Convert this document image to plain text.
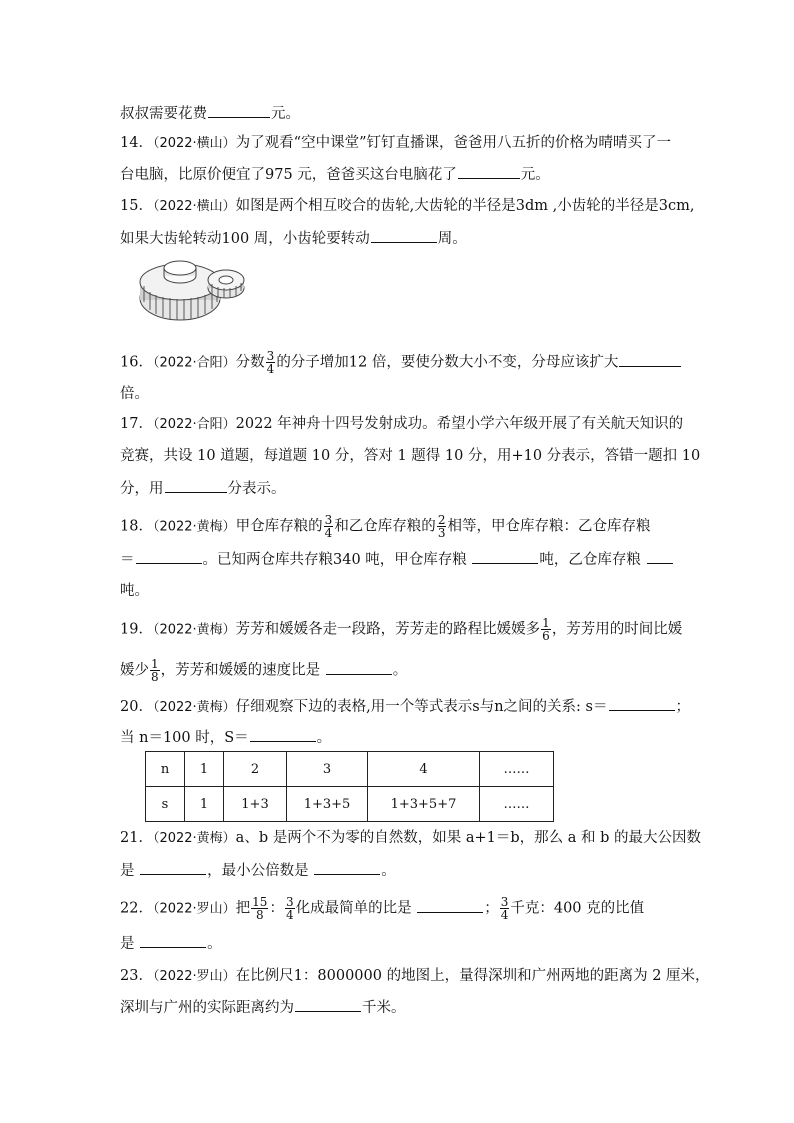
叔叔需要花费	元。
14．（2022·横山）为了观看“空中课堂”钉钉直播课，爸爸用八五折的价格为晴晴买了一
台电脑，比原价便宜了975 元，爸爸买这台电脑花了	元。
15．（2022·横山）如图是两个相互咬合的齿轮,大齿轮的半径是3dm ,小齿轮的半径是3cm,
如果大齿轮转动100 周，小齿轮要转动	周。
16．（2022·合阳）分数 $\frac{3}{4}$ 的分子增加12 倍，要使分数大小不变，分母应该扩大
倍。
17．（2022·合阳）2022 年神舟十四号发射成功。希望小学六年级开展了有关航天知识的
竞赛，共设 10 道题，每道题 10 分，答对 1 题得 10 分，用+10 分表示，答错一题扣 10
分，用	分表示。
18．（2022·黄梅）甲仓库存粮的 $\frac{3}{4}$ 和乙仓库存粮的 $\frac{2}{3}$ 相等，甲仓库存粮：乙仓库存粮
＝	。已知两仓库共存粮340 吨，甲仓库存粮	吨，乙仓库存粮
吨。
19．（2022·黄梅）芳芳和媛媛各走一段路，芳芳走的路程比媛媛多 $\frac{1}{6}$ ，芳芳用的时间比媛
媛少 $\frac{1}{8}$ ，芳芳和媛媛的速度比是	。
20．（2022·黄梅）仔细观察下边的表格,用一个等式表示s与n之间的关系: s＝	；
当 n＝100 时，S＝	。
n	1	2	3	4	……
s	1	1+3	1+3+5	1+3+5+7	……
21．（2022·黄梅）a、b 是两个不为零的自然数，如果 a+1＝b，那么 a 和 b 的最大公因数
是	，最小公倍数是	。
22．（2022·罗山）把 $\frac{15}{8}$ ： $\frac{3}{4}$ 化成最简单的比是	； $\frac{3}{4}$ 千克：400 克的比值
是	。
23．（2022·罗山）在比例尺1：8000000 的地图上，量得深圳和广州两地的距离为 2 厘米，
深圳与广州的实际距离约为	千米。
